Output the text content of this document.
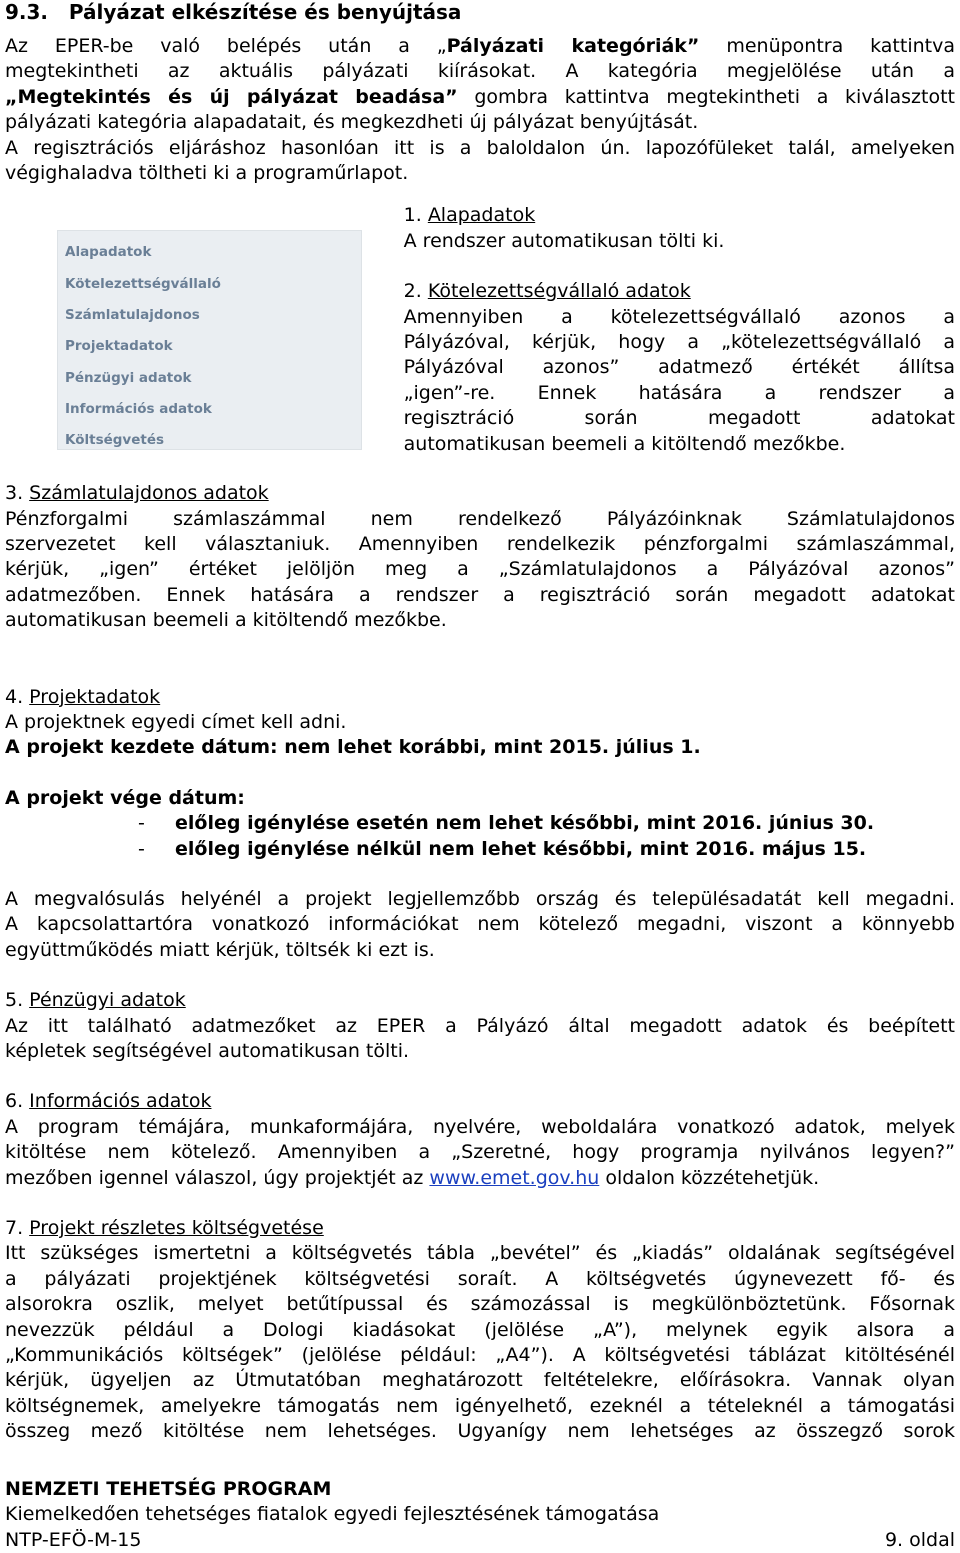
9.3.   Pályázat elkészítése és benyújtása

Az EPER-be való belépés után a „Pályázati kategóriák” menüpontra kattintva

megtekintheti az aktuális pályázati kiírásokat. A kategória megjelölése után a

„Megtekintés és új pályázat beadása” gombra kattintva megtekintheti a kiválasztott

pályázati kategória alapadatait, és megkezdheti új pályázat benyújtását.

A regisztrációs eljáráshoz hasonlóan itt is a baloldalon ún. lapozófüleket talál, amelyeken

végighaladva töltheti ki a programűrlapot.

Alapadatok
Kötelezettségvállaló
Számlatulajdonos
Projektadatok
Pénzügyi adatok
Információs adatok
Költségvetés

1. Alapadatok

A rendszer automatikusan tölti ki.

2. Kötelezettségvállaló adatok

Amennyiben a kötelezettségvállaló azonos a

Pályázóval, kérjük, hogy a „kötelezettségvállaló a

Pályázóval azonos” adatmező értékét állítsa

„igen”-re. Ennek hatására a rendszer a

regisztráció során megadott adatokat

automatikusan beemeli a kitöltendő mezőkbe.

3. Számlatulajdonos adatok

Pénzforgalmi számlaszámmal nem rendelkező Pályázóinknak Számlatulajdonos

szervezetet kell választaniuk. Amennyiben rendelkezik pénzforgalmi számlaszámmal,

kérjük, „igen” értéket jelöljön meg a „Számlatulajdonos a Pályázóval azonos”

adatmezőben. Ennek hatására a rendszer a regisztráció során megadott adatokat

automatikusan beemeli a kitöltendő mezőkbe.

4. Projektadatok

A projektnek egyedi címet kell adni.

A projekt kezdete dátum: nem lehet korábbi, mint 2015. július 1.

A projekt vége dátum:

-	előleg igénylése esetén nem lehet későbbi, mint 2016. június 30.
-	előleg igénylése nélkül nem lehet későbbi, mint 2016. május 15.

A megvalósulás helyénél a projekt legjellemzőbb ország és településadatát kell megadni.

A kapcsolattartóra vonatkozó információkat nem kötelező megadni, viszont a könnyebb

együttműködés miatt kérjük, töltsék ki ezt is.

5. Pénzügyi adatok

Az itt található adatmezőket az EPER a Pályázó által megadott adatok és beépített

képletek segítségével automatikusan tölti.

6. Információs adatok

A program témájára, munkaformájára, nyelvére, weboldalára vonatkozó adatok, melyek

kitöltése nem kötelező. Amennyiben a „Szeretné, hogy programja nyilvános legyen?”

mezőben igennel válaszol, úgy projektjét az www.emet.gov.hu oldalon közzétehetjük.

7. Projekt részletes költségvetése

Itt szükséges ismertetni a költségvetés tábla „bevétel” és „kiadás” oldalának segítségével

a pályázati projektjének költségvetési soraít. A költségvetés úgynevezett fő- és

alsorokra oszlik, melyet betűtípussal és számozással is megkülönböztetünk. Fősornak

nevezzük például a Dologi kiadásokat (jelölése „A”), melynek egyik alsora a

„Kommunikációs költségek” (jelölése például: „A4”). A költségvetési táblázat kitöltésénél

kérjük, ügyeljen az Útmutatóban meghatározott feltételekre, előírásokra. Vannak olyan

költségnemek, amelyekre támogatás nem igényelhető, ezeknél a tételeknél a támogatási

összeg mező kitöltése nem lehetséges. Ugyanígy nem lehetséges az összegző sorok

NEMZETI TEHETSÉG PROGRAM

Kiemelkedően tehetséges fiatalok egyedi fejlesztésének támogatása

NTP-EFÖ-M-15	9. oldal
